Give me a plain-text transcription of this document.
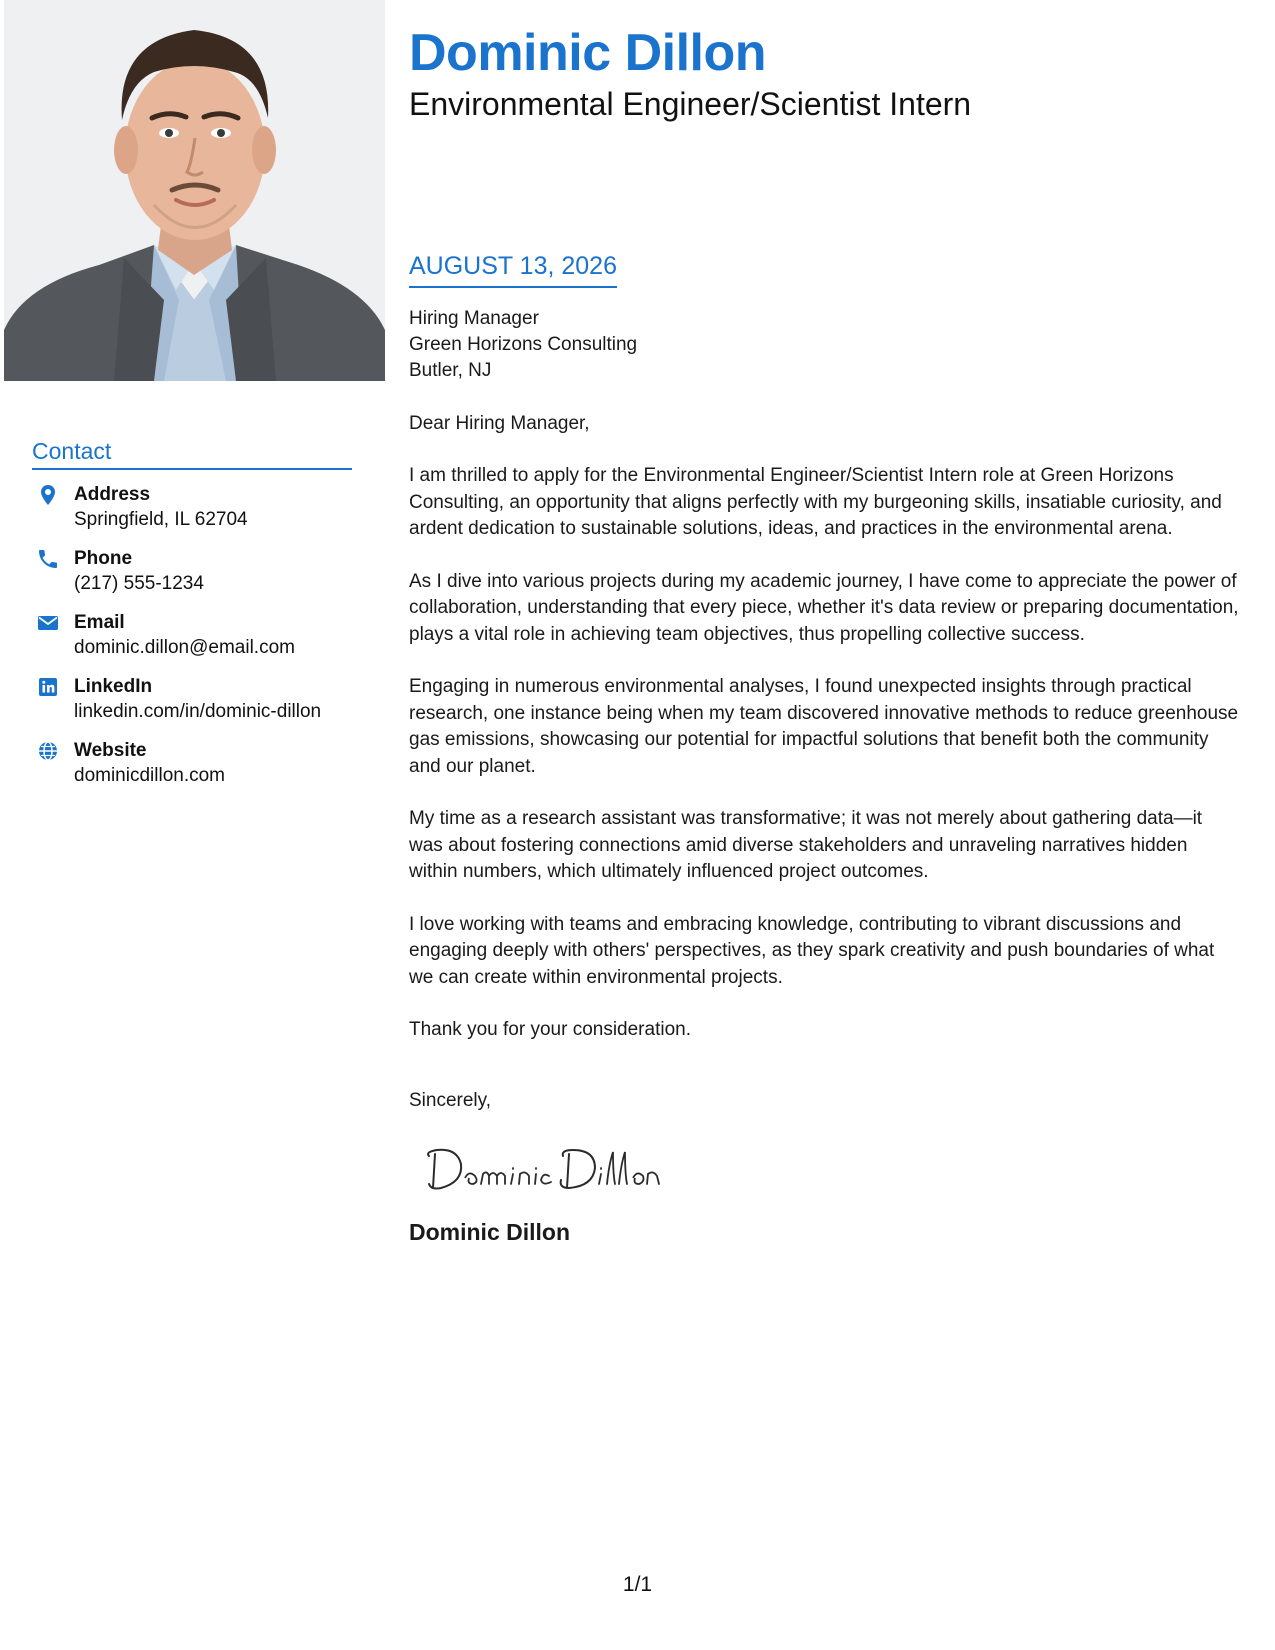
Contact
Address
Springfield, IL 62704
Phone
(217) 555-1234
Email
dominic.dillon@email.com
LinkedIn
linkedin.com/in/dominic-dillon
Website
dominicdillon.com
Dominic Dillon
Environmental Engineer/Scientist Intern
AUGUST 13, 2026
Hiring Manager
Green Horizons Consulting
Butler, NJ
Dear Hiring Manager,
I am thrilled to apply for the Environmental Engineer/Scientist Intern role at Green Horizons Consulting, an opportunity that aligns perfectly with my burgeoning skills, insatiable curiosity, and ardent dedication to sustainable solutions, ideas, and practices in the environmental arena.
As I dive into various projects during my academic journey, I have come to appreciate the power of collaboration, understanding that every piece, whether it's data review or preparing documentation, plays a vital role in achieving team objectives, thus propelling collective success.
Engaging in numerous environmental analyses, I found unexpected insights through practical research, one instance being when my team discovered innovative methods to reduce greenhouse gas emissions, showcasing our potential for impactful solutions that benefit both the community and our planet.
My time as a research assistant was transformative; it was not merely about gathering data—it was about fostering connections amid diverse stakeholders and unraveling narratives hidden within numbers, which ultimately influenced project outcomes.
I love working with teams and embracing knowledge, contributing to vibrant discussions and engaging deeply with others' perspectives, as they spark creativity and push boundaries of what we can create within environmental projects.
Thank you for your consideration.
Sincerely,
Dominic Dillon
1/1
